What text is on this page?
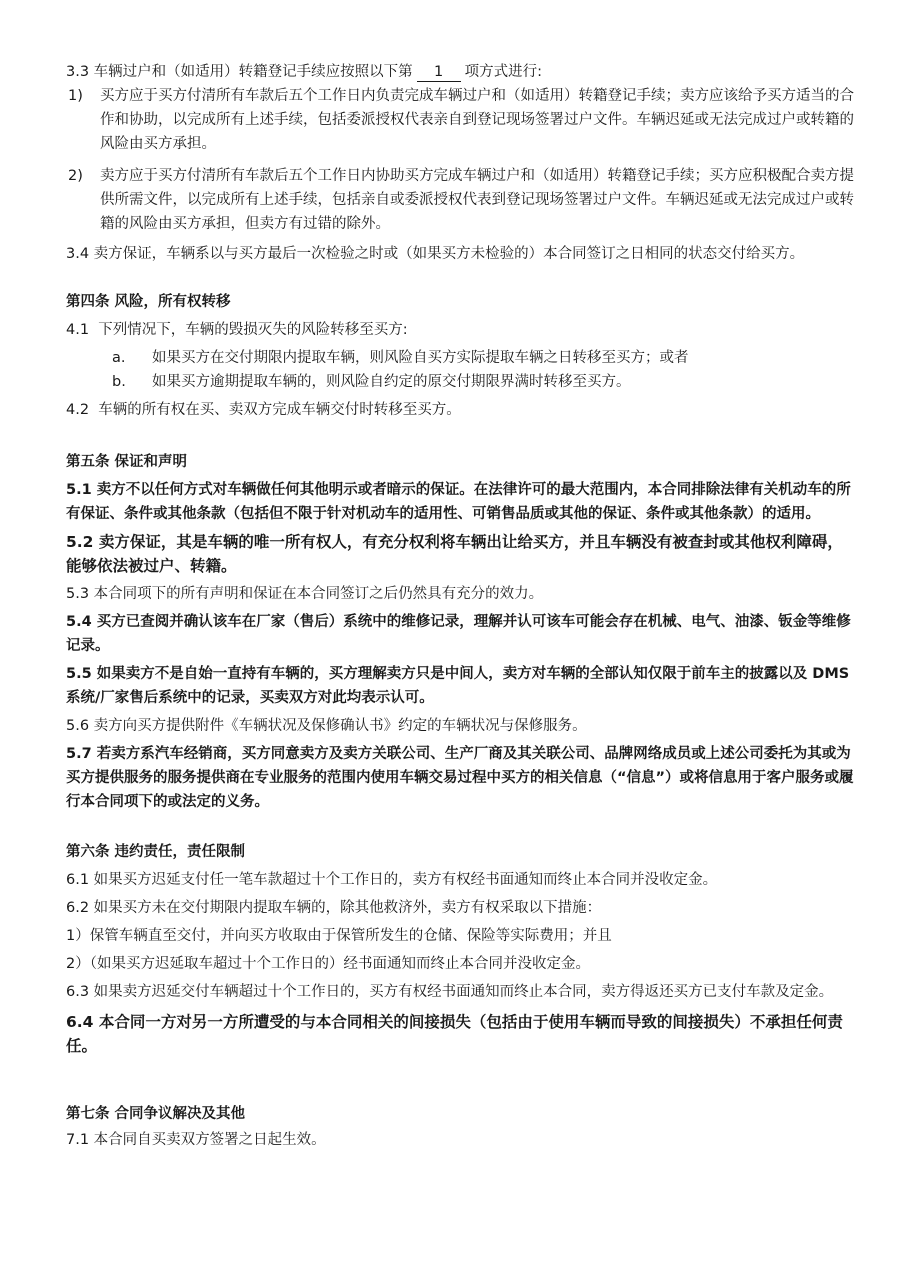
3.3 车辆过户和（如适用）转籍登记手续应按照以下第 1 项方式进行:

1) 买方应于买方付清所有车款后五个工作日内负责完成车辆过户和（如适用）转籍登记手续；卖方应该给予买方适当的合作和协助，以完成所有上述手续，包括委派授权代表亲自到登记现场签署过户文件。车辆迟延或无法完成过户或转籍的风险由买方承担。
2) 卖方应于买方付清所有车款后五个工作日内协助买方完成车辆过户和（如适用）转籍登记手续；买方应积极配合卖方提供所需文件，以完成所有上述手续，包括亲自或委派授权代表到登记现场签署过户文件。车辆迟延或无法完成过户或转籍的风险由买方承担，但卖方有过错的除外。
3.4 卖方保证，车辆系以与买方最后一次检验之时或（如果买方未检验的）本合同签订之日相同的状态交付给买方。

第四条 风险，所有权转移

4.1 下列情况下，车辆的毁损灭失的风险转移至买方:
a. 如果买方在交付期限内提取车辆，则风险自买方实际提取车辆之日转移至买方；或者
b. 如果买方逾期提取车辆的，则风险自约定的原交付期限界满时转移至买方。
4.2 车辆的所有权在买、卖双方完成车辆交付时转移至买方。

第五条 保证和声明

5.1 卖方不以任何方式对车辆做任何其他明示或者暗示的保证。在法律许可的最大范围内，本合同排除法律有关机动车的所有保证、条件或其他条款（包括但不限于针对机动车的适用性、可销售品质或其他的保证、条件或其他条款）的适用。
5.2 卖方保证，其是车辆的唯一所有权人，有充分权利将车辆出让给买方，并且车辆没有被查封或其他权利障碍，能够依法被过户、转籍。
5.3 本合同项下的所有声明和保证在本合同签订之后仍然具有充分的效力。
5.4 买方已查阅并确认该车在厂家（售后）系统中的维修记录，理解并认可该车可能会存在机械、电气、油漆、钣金等维修记录。
5.5 如果卖方不是自始一直持有车辆的，买方理解卖方只是中间人，卖方对车辆的全部认知仅限于前车主的披露以及 DMS系统/厂家售后系统中的记录，买卖双方对此均表示认可。
5.6 卖方向买方提供附件《车辆状况及保修确认书》约定的车辆状况与保修服务。
5.7 若卖方系汽车经销商，买方同意卖方及卖方关联公司、生产厂商及其关联公司、品牌网络成员或上述公司委托为其或为买方提供服务的服务提供商在专业服务的范围内使用车辆交易过程中买方的相关信息（“信息”）或将信息用于客户服务或履行本合同项下的或法定的义务。

第六条 违约责任，责任限制

6.1 如果买方迟延支付任一笔车款超过十个工作日的，卖方有权经书面通知而终止本合同并没收定金。
6.2 如果买方未在交付期限内提取车辆的，除其他救济外，卖方有权采取以下措施：
1）保管车辆直至交付，并向买方收取由于保管所发生的仓储、保险等实际费用；并且
2）（如果买方迟延取车超过十个工作日的）经书面通知而终止本合同并没收定金。
6.3 如果卖方迟延交付车辆超过十个工作日的，买方有权经书面通知而终止本合同，卖方得返还买方已支付车款及定金。
6.4 本合同一方对另一方所遭受的与本合同相关的间接损失（包括由于使用车辆而导致的间接损失）不承担任何责任。

第七条 合同争议解决及其他

7.1 本合同自买卖双方签署之日起生效。
